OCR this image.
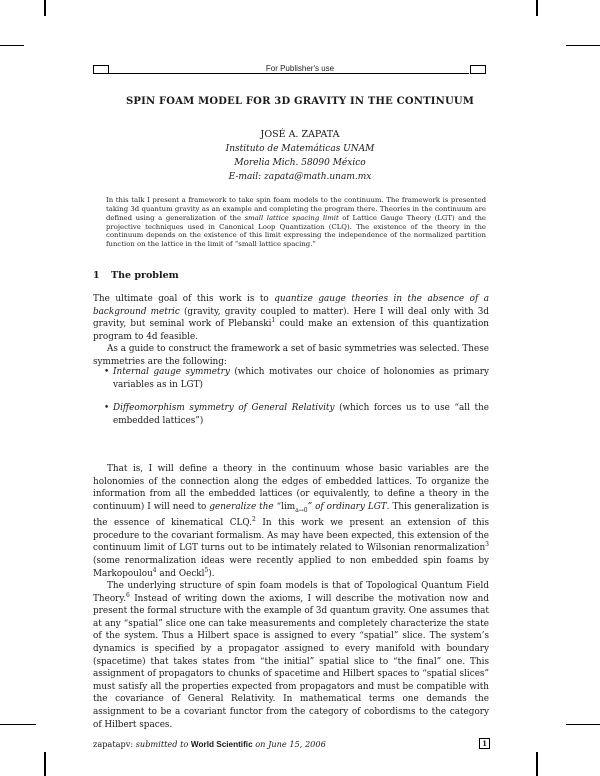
For Publisher's use
SPIN FOAM MODEL FOR 3D GRAVITY IN THE CONTINUUM
JOSÉ A. ZAPATA
Instituto de Matemáticas UNAM
Morelia Mich. 58090 México
E-mail: zapata@math.unam.mx
In this talk I present a framework to take spin foam models to the continuum. The framework is presented taking 3d quantum gravity as an example and completing the program there. Theories in the continuum are defined using a generalization of the small lattice spacing limit of Lattice Gauge Theory (LGT) and the projective techniques used in Canonical Loop Quantization (CLQ). The existence of the theory in the continuum depends on the existence of this limit expressing the independence of the normalized partition function on the lattice in the limit of “small lattice spacing.”
1 The problem

The ultimate goal of this work is to quantize gauge theories in the absence of a background metric (gravity, gravity coupled to matter). Here I will deal only with 3d gravity, but seminal work of Plebanski$^1$ could make an extension of this quantization program to 4d feasible.

As a guide to construct the framework a set of basic symmetries was selected. These symmetries are the following:

• Internal gauge symmetry (which motivates our choice of holonomies as primary variables as in LGT)
• Diffeomorphism symmetry of General Relativity (which forces us to use “all the embedded lattices”)

That is, I will define a theory in the continuum whose basic variables are the holonomies of the connection along the edges of embedded lattices. To organize the information from all the embedded lattices (or equivalently, to define a theory in the continuum) I will need to generalize the “$\lim_{a\to 0}$” of ordinary LGT. This generalization is the essence of kinematical CLQ.$^2$ In this work we present an extension of this procedure to the covariant formalism. As may have been expected, this extension of the continuum limit of LGT turns out to be intimately related to Wilsonian renormalization$^3$ (some renormalization ideas were recently applied to non embedded spin foams by Markopoulou$^4$ and Oeckl$^5$).

The underlying structure of spin foam models is that of Topological Quantum Field Theory.$^6$ Instead of writing down the axioms, I will describe the motivation now and present the formal structure with the example of 3d quantum gravity. One assumes that at any “spatial” slice one can take measurements and completely characterize the state of the system. Thus a Hilbert space is assigned to every “spatial” slice. The system’s dynamics is specified by a propagator assigned to every manifold with boundary (spacetime) that takes states from “the initial” spatial slice to “the final” one. This assignment of propagators to chunks of spacetime and Hilbert spaces to “spatial slices” must satisfy all the properties expected from propagators and must be compatible with the covariance of General Relativity. In mathematical terms one demands the assignment to be a covariant functor from the category of cobordisms to the category of Hilbert spaces.

zapatapv: submitted to World Scientific on June 15, 2006	1
